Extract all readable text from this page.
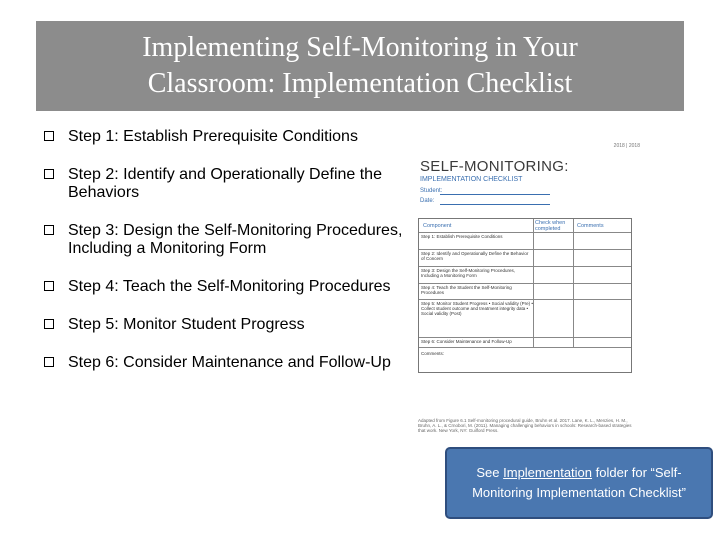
Implementing Self-Monitoring in Your
Classroom: Implementation Checklist
Step 1: Establish Prerequisite Conditions
Step 2: Identify and Operationally Define the Behaviors
Step 3: Design the Self-Monitoring Procedures, Including a Monitoring Form
Step 4: Teach the Self-Monitoring Procedures
Step 5: Monitor Student Progress
Step 6: Consider Maintenance and Follow-Up
2018 | 2018
SELF-MONITORING:
IMPLEMENTATION CHECKLIST
Student:
Date:
Component	Check when completed	Comments
Step 1: Establish Prerequisite Conditions
Step 2: Identify and Operationally Define the Behavior of Concern
Step 3: Design the Self-Monitoring Procedures, Including a Monitoring Form
Step 4: Teach the Student the Self-Monitoring Procedures
Step 5: Monitor Student Progress • Social validity (Pre) • Collect student outcome and treatment integrity data • Social validity (Post)
Step 6: Consider Maintenance and Follow-Up
Comments:
Adapted from Figure 6.1 Self-monitoring procedural guide, Bruhn et al. 2017. Lane, K. L., Menzies, H. M., Bruhn, A. L., & Crnobori, M. (2011). Managing challenging behaviors in schools: Research-based strategies that work. New York, NY: Guilford Press.
See Implementation folder for “Self-Monitoring Implementation Checklist”
